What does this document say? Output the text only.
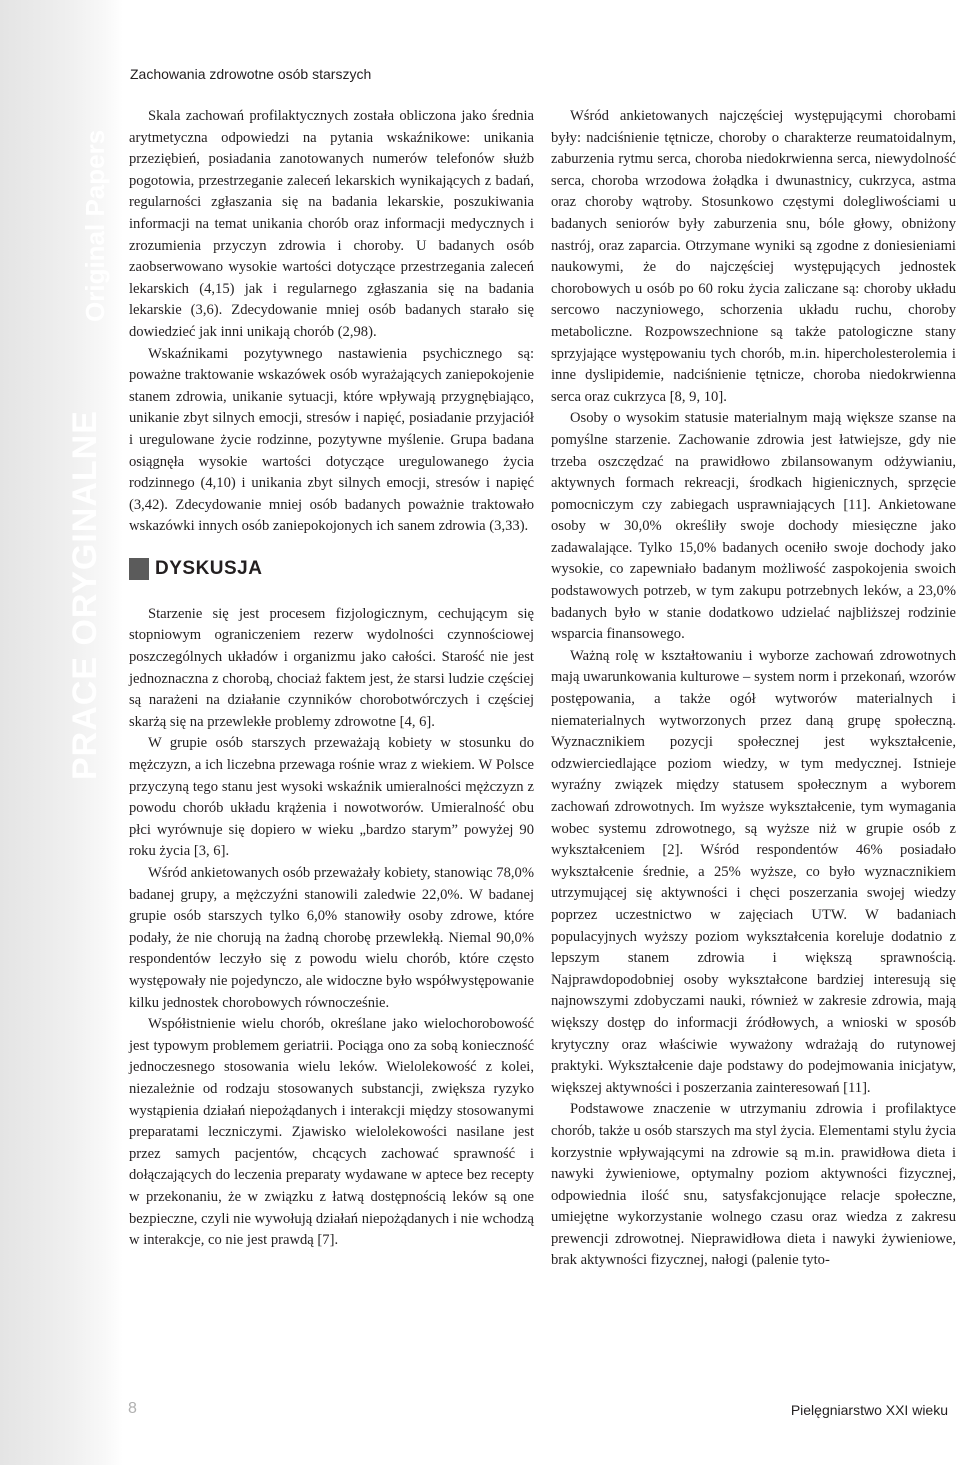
PRACE ORYGINALNE
Original Papers
Zachowania zdrowotne osób starszych

Skala zachowań profilaktycznych została obliczona jako średnia arytmetyczna odpowiedzi na pytania wskaźnikowe: unikania przeziębień, posiadania zanotowanych numerów telefonów służb pogotowia, przestrzeganie zaleceń lekarskich wynikających z badań, regularności zgłaszania się na badania lekarskie, poszukiwania informacji na temat unikania chorób oraz informacji medycznych i zrozumienia przyczyn zdrowia i choroby. U badanych osób zaobserwowano wysokie wartości dotyczące przestrzegania zaleceń lekarskich (4,15) jak i regularnego zgłaszania się na badania lekarskie (3,6). Zdecydowanie mniej osób badanych starało się dowiedzieć jak inni unikają chorób (2,98).

Wskaźnikami pozytywnego nastawienia psychicznego są: poważne traktowanie wskazówek osób wyrażających zaniepokojenie stanem zdrowia, unikanie sytuacji, które wpływają przygnębiająco, unikanie zbyt silnych emocji, stresów i napięć, posiadanie przyjaciół i uregulowane życie rodzinne, pozytywne myślenie. Grupa badana osiągnęła wysokie wartości dotyczące uregulowanego życia rodzinnego (4,10) i unikania zbyt silnych emocji, stresów i napięć (3,42). Zdecydowanie mniej osób badanych poważnie traktowało wskazówki innych osób zaniepokojonych ich sanem zdrowia (3,33).

DYSKUSJA

Starzenie się jest procesem fizjologicznym, cechującym się stopniowym ograniczeniem rezerw wydolności czynnościowej poszczególnych układów i organizmu jako całości. Starość nie jest jednoznaczna z chorobą, chociaż faktem jest, że starsi ludzie częściej są narażeni na działanie czynników chorobotwórczych i częściej skarżą się na przewlekłe problemy zdrowotne [4, 6].

W grupie osób starszych przeważają kobiety w stosunku do mężczyzn, a ich liczebna przewaga rośnie wraz z wiekiem. W Polsce przyczyną tego stanu jest wysoki wskaźnik umieralności mężczyzn z powodu chorób układu krążenia i nowotworów. Umieralność obu płci wyrównuje się dopiero w wieku „bardzo starym” powyżej 90 roku życia [3, 6].

Wśród ankietowanych osób przeważały kobiety, stanowiąc 78,0% badanej grupy, a mężczyźni stanowili zaledwie 22,0%. W badanej grupie osób starszych tylko 6,0% stanowiły osoby zdrowe, które podały, że nie chorują na żadną chorobę przewlekłą. Niemal 90,0% respondentów leczyło się z powodu wielu chorób, które często występowały nie pojedynczo, ale widoczne było współwystępowanie kilku jednostek chorobowych równocześnie.

Współistnienie wielu chorób, określane jako wielochorobowość jest typowym problemem geriatrii. Pociąga ono za sobą konieczność jednoczesnego stosowania wielu leków. Wielolekowość z kolei, niezależnie od rodzaju stosowanych substancji, zwiększa ryzyko wystąpienia działań niepożądanych i interakcji między stosowanymi preparatami leczniczymi. Zjawisko wielolekowości nasilane jest przez samych pacjentów, chcących zachować sprawność i dołączających do leczenia preparaty wydawane w aptece bez recepty w przekonaniu, że w związku z łatwą dostępnością leków są one bezpieczne, czyli nie wywołują działań niepożądanych i nie wchodzą w interakcje, co nie jest prawdą [7].

Wśród ankietowanych najczęściej występującymi chorobami były: nadciśnienie tętnicze, choroby o charakterze reumatoidalnym, zaburzenia rytmu serca, choroba niedokrwienna serca, niewydolność serca, choroba wrzodowa żołądka i dwunastnicy, cukrzyca, astma oraz choroby wątroby. Stosunkowo częstymi dolegliwościami u badanych seniorów były zaburzenia snu, bóle głowy, obniżony nastrój, oraz zaparcia. Otrzymane wyniki są zgodne z doniesieniami naukowymi, że do najczęściej występujących jednostek chorobowych u osób po 60 roku życia zaliczane są: choroby układu sercowo naczyniowego, schorzenia układu ruchu, choroby metaboliczne. Rozpowszechnione są także patologiczne stany sprzyjające występowaniu tych chorób, m.in. hipercholesterolemia i inne dyslipidemie, nadciśnienie tętnicze, choroba niedokrwienna serca oraz cukrzyca [8, 9, 10].

Osoby o wysokim statusie materialnym mają większe szanse na pomyślne starzenie. Zachowanie zdrowia jest łatwiejsze, gdy nie trzeba oszczędzać na prawidłowo zbilansowanym odżywianiu, aktywnych formach rekreacji, środkach higienicznych, sprzęcie pomocniczym czy zabiegach usprawniających [11]. Ankietowane osoby w 30,0% określiły swoje dochody miesięczne jako zadawalające. Tylko 15,0% badanych oceniło swoje dochody jako wysokie, co zapewniało badanym możliwość zaspokojenia swoich podstawowych potrzeb, w tym zakupu potrzebnych leków, a 23,0% badanych było w stanie dodatkowo udzielać najbliższej rodzinie wsparcia finansowego.

Ważną rolę w kształtowaniu i wyborze zachowań zdrowotnych mają uwarunkowania kulturowe – system norm i przekonań, wzorów postępowania, a także ogół wytworów materialnych i niematerialnych wytworzonych przez daną grupę społeczną. Wyznacznikiem pozycji społecznej jest wykształcenie, odzwierciedlające poziom wiedzy, w tym medycznej. Istnieje wyraźny związek między statusem społecznym a wyborem zachowań zdrowotnych. Im wyższe wykształcenie, tym wymagania wobec systemu zdrowotnego, są wyższe niż w grupie osób z wykształceniem [2]. Wśród respondentów 46% posiadało wykształcenie średnie, a 25% wyższe, co było wyznacznikiem utrzymującej się aktywności i chęci poszerzania swojej wiedzy poprzez uczestnictwo w zajęciach UTW. W badaniach populacyjnych wyższy poziom wykształcenia koreluje dodatnio z lepszym stanem zdrowia i większą sprawnością. Najprawdopodobniej osoby wykształcone bardziej interesują się najnowszymi zdobyczami nauki, również w zakresie zdrowia, mają większy dostęp do informacji źródłowych, a wnioski w sposób krytyczny oraz właściwie wyważony wdrażają do rutynowej praktyki. Wykształcenie daje podstawy do podejmowania inicjatyw, większej aktywności i poszerzania zainteresowań [11].

Podstawowe znaczenie w utrzymaniu zdrowia i profilaktyce chorób, także u osób starszych ma styl życia. Elementami stylu życia korzystnie wpływającymi na zdrowie są m.in. prawidłowa dieta i nawyki żywieniowe, optymalny poziom aktywności fizycznej, odpowiednia ilość snu, satysfakcjonujące relacje społeczne, umiejętne wykorzystanie wolnego czasu oraz wiedza z zakresu prewencji zdrowotnej. Nieprawidłowa dieta i nawyki żywieniowe, brak aktywności fizycznej, nałogi (palenie tyto-

8	Pielęgniarstwo XXI wieku
